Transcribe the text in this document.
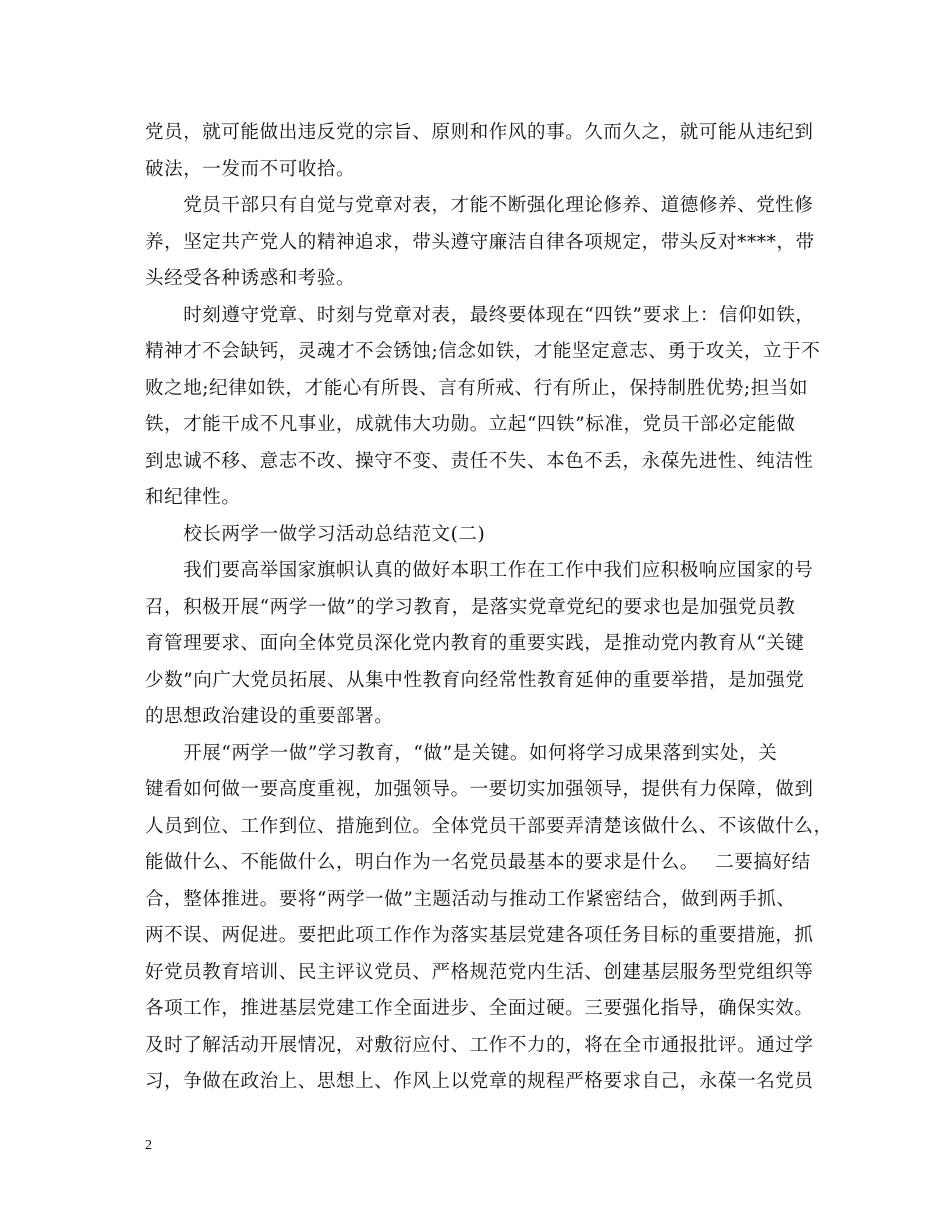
党员，就可能做出违反党的宗旨、原则和作风的事。久而久之，就可能从违纪到
破法，一发而不可收拾。
　　党员干部只有自觉与党章对表，才能不断强化理论修养、道德修养、党性修
养，坚定共产党人的精神追求，带头遵守廉洁自律各项规定，带头反对****，带
头经受各种诱惑和考验。
　　时刻遵守党章、时刻与党章对表，最终要体现在“四铁”要求上：信仰如铁，
精神才不会缺钙，灵魂才不会锈蚀;信念如铁，才能坚定意志、勇于攻关，立于不
败之地;纪律如铁，才能心有所畏、言有所戒、行有所止，保持制胜优势;担当如
铁，才能干成不凡事业，成就伟大功勋。立起“四铁”标准，党员干部必定能做
到忠诚不移、意志不改、操守不变、责任不失、本色不丢，永葆先进性、纯洁性
和纪律性。
　　校长两学一做学习活动总结范文(二)
　　我们要高举国家旗帜认真的做好本职工作在工作中我们应积极响应国家的号
召，积极开展“两学一做”的学习教育，是落实党章党纪的要求也是加强党员教
育管理要求、面向全体党员深化党内教育的重要实践，是推动党内教育从“关键
少数”向广大党员拓展、从集中性教育向经常性教育延伸的重要举措，是加强党
的思想政治建设的重要部署。
　　开展“两学一做”学习教育，“做”是关键。如何将学习成果落到实处，关
键看如何做一要高度重视，加强领导。一要切实加强领导，提供有力保障，做到
人员到位、工作到位、措施到位。全体党员干部要弄清楚该做什么、不该做什么，
能做什么、不能做什么，明白作为一名党员最基本的要求是什么。　 二要搞好结
合，整体推进。要将“两学一做”主题活动与推动工作紧密结合，做到两手抓、
两不误、两促进。要把此项工作作为落实基层党建各项任务目标的重要措施，抓
好党员教育培训、民主评议党员、严格规范党内生活、创建基层服务型党组织等
各项工作，推进基层党建工作全面进步、全面过硬。三要强化指导，确保实效。
及时了解活动开展情况，对敷衍应付、工作不力的，将在全市通报批评。通过学
习，争做在政治上、思想上、作风上以党章的规程严格要求自己，永葆一名党员
2
